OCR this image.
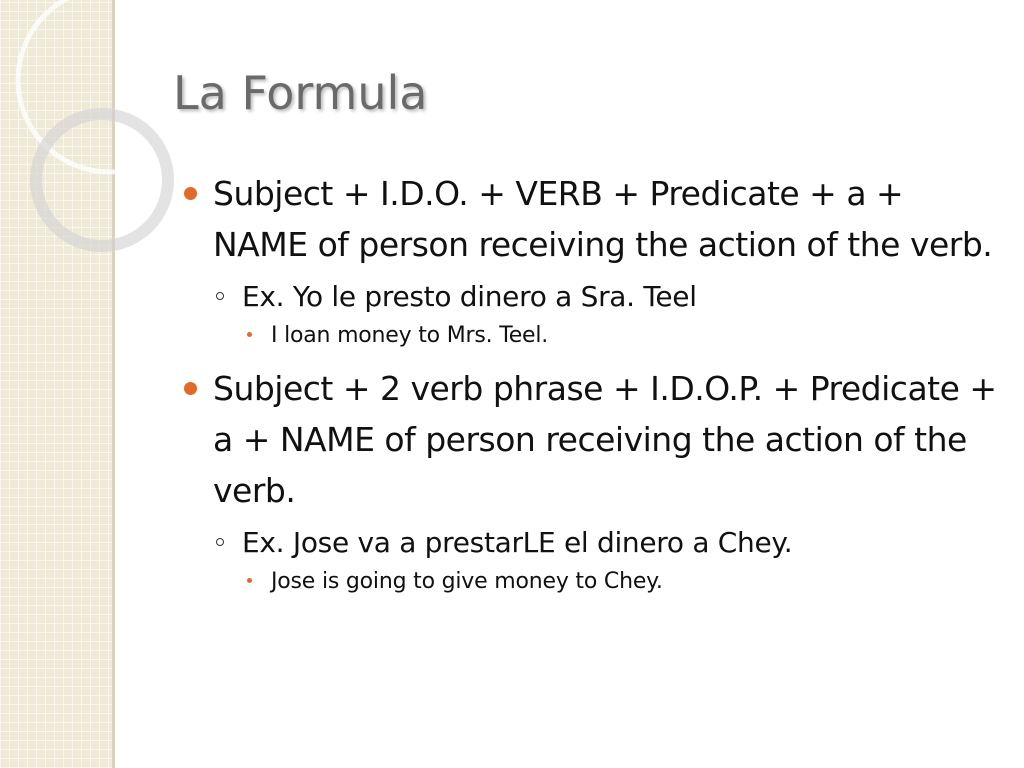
La Formula
Subject + I.D.O. + VERB + Predicate + a + NAME of person receiving the action of the verb.
Ex. Yo le presto dinero a Sra. Teel
I loan money to Mrs. Teel.
Subject + 2 verb phrase + I.D.O.P. + Predicate + a + NAME of person receiving the action of the verb.
Ex. Jose va a prestarLE el dinero a Chey.
Jose is going to give money to Chey.
